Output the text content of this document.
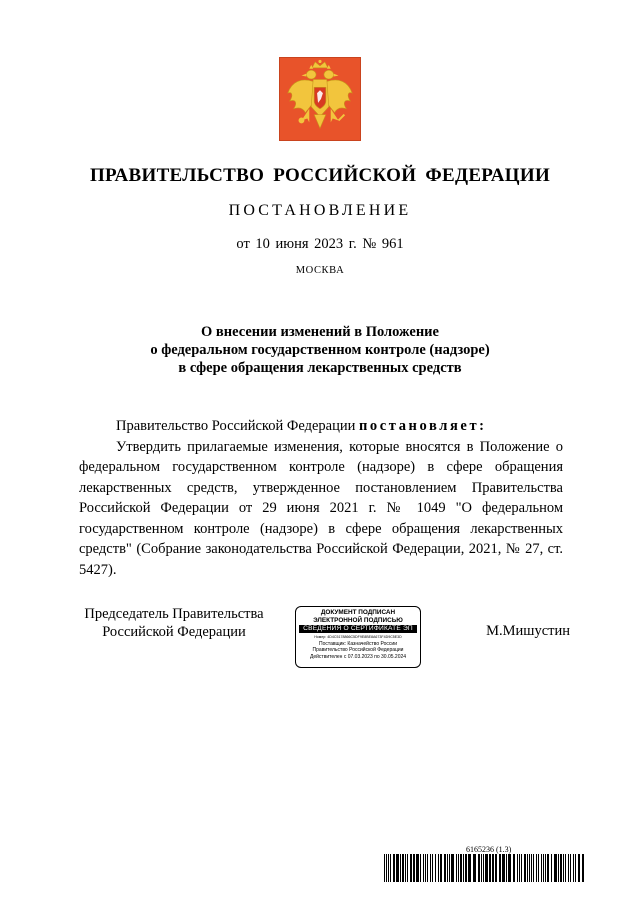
ПРАВИТЕЛЬСТВО РОССИЙСКОЙ ФЕДЕРАЦИИ
ПОСТАНОВЛЕНИЕ
от 10 июня 2023 г. № 961
МОСКВА
О внесении изменений в Положение
о федеральном государственном контроле (надзоре)
в сфере обращения лекарственных средств

Правительство Российской Федерации постановляет:

Утвердить прилагаемые изменения, которые вносятся в Положение о федеральном государственном контроле (надзоре) в сфере обращения лекарственных средств, утвержденное постановлением Правительства Российской Федерации от 29 июня 2021 г. № 1049 "О федеральном государственном контроле (надзоре) в сфере обращения лекарственных средств" (Собрание законодательства Российской Федерации, 2021, № 27, ст. 5427).

Председатель Правительства
Российской Федерации
ДОКУМЕНТ ПОДПИСАН
ЭЛЕКТРОННОЙ ПОДПИСЬЮ
СВЕДЕНИЯ О СЕРТИФИКАТЕ ЭП
Номер: 4D4C5178866C5DF9E8BE8A673F4D9C5E3D
Поставщик: Казначейство России
Правительство Российской Федерации
Действителен с 07.03.2023 по 30.05.2024
М.Мишустин
6165236 (1.3)
